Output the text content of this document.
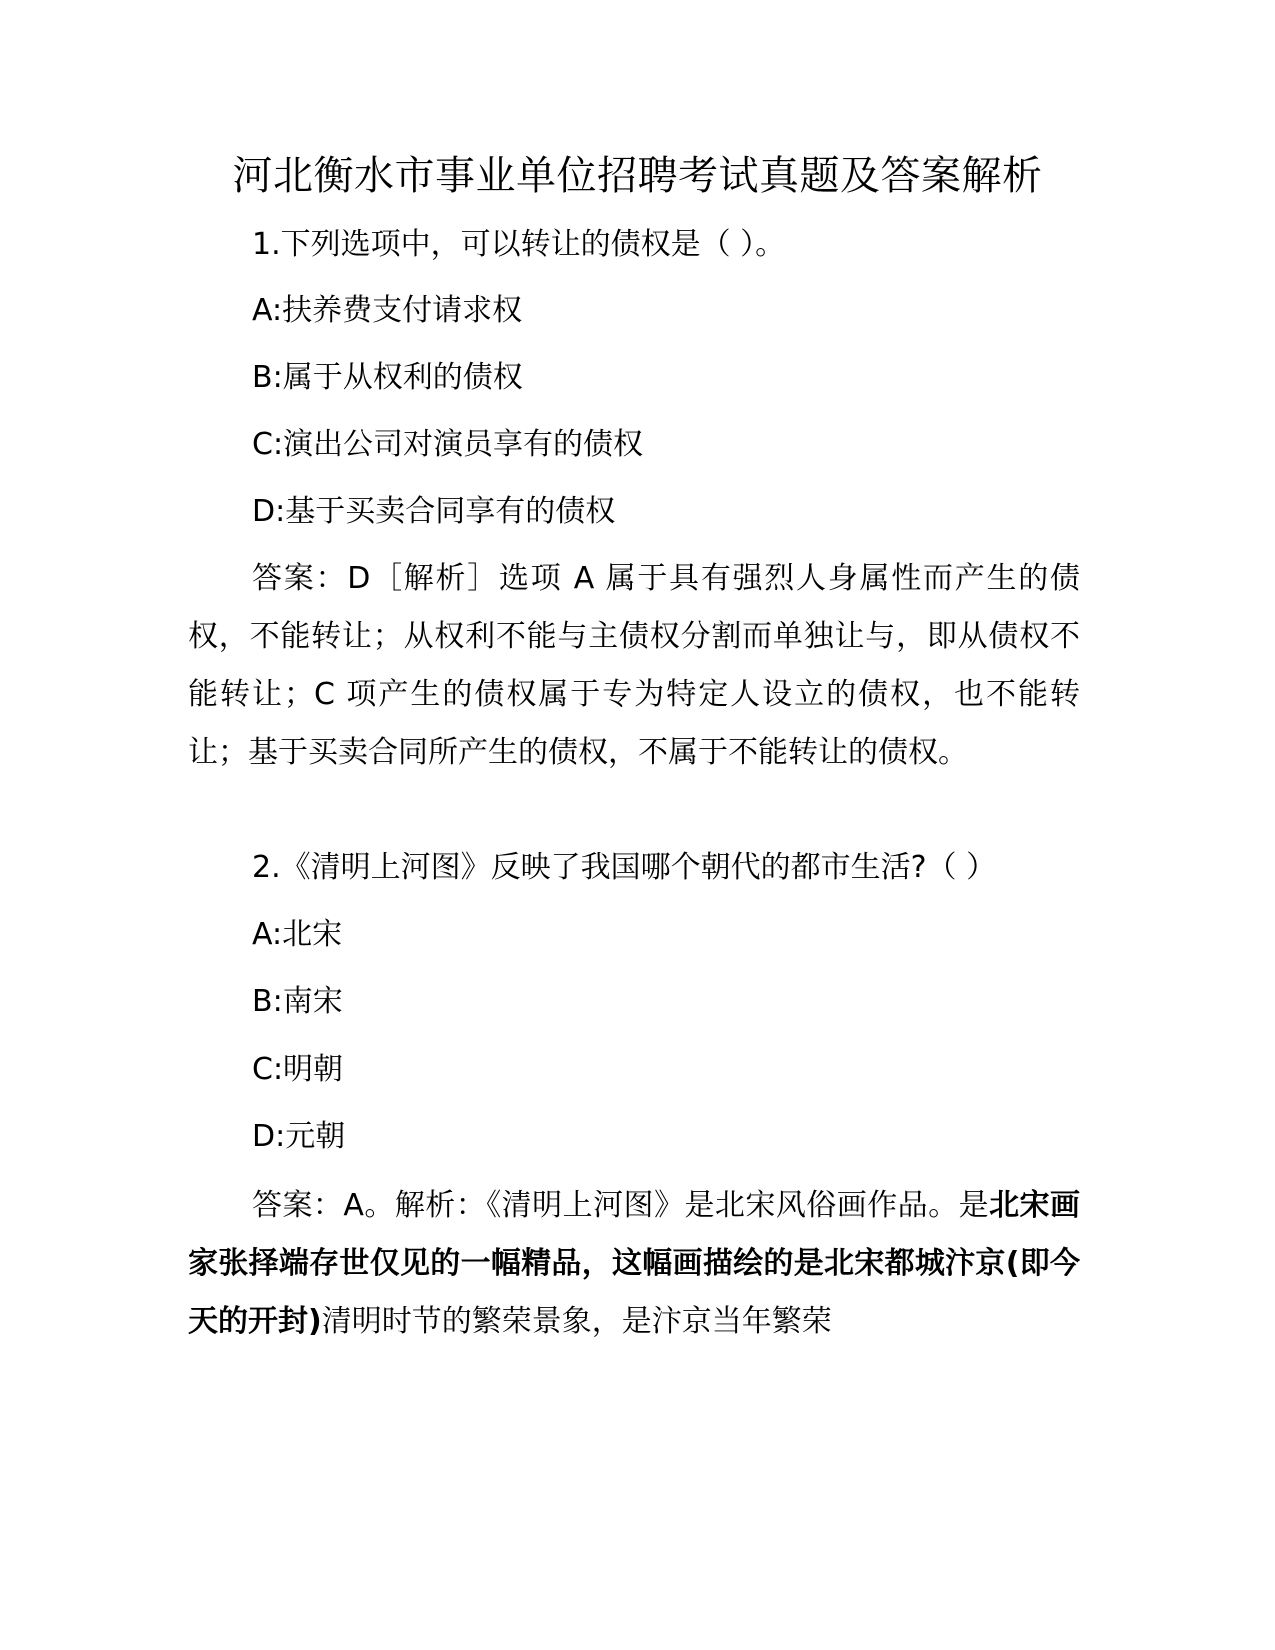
河北衡水市事业单位招聘考试真题及答案解析
1.下列选项中，可以转让的债权是（ ）。
A:扶养费支付请求权
B:属于从权利的债权
C:演出公司对演员享有的债权
D:基于买卖合同享有的债权
答案：D［解析］选项 A 属于具有强烈人身属性而产生的债权，不能转让；从权利不能与主债权分割而单独让与，即从债权不能转让；C 项产生的债权属于专为特定人设立的债权，也不能转让；基于买卖合同所产生的债权，不属于不能转让的债权。
2.《清明上河图》反映了我国哪个朝代的都市生活?（ ）
A:北宋
B:南宋
C:明朝
D:元朝
答案：A。解析：《清明上河图》是北宋风俗画作品。是北宋画家张择端存世仅见的一幅精品，这幅画描绘的是北宋都城汴京(即今天的开封)清明时节的繁荣景象，是汴京当年繁荣
